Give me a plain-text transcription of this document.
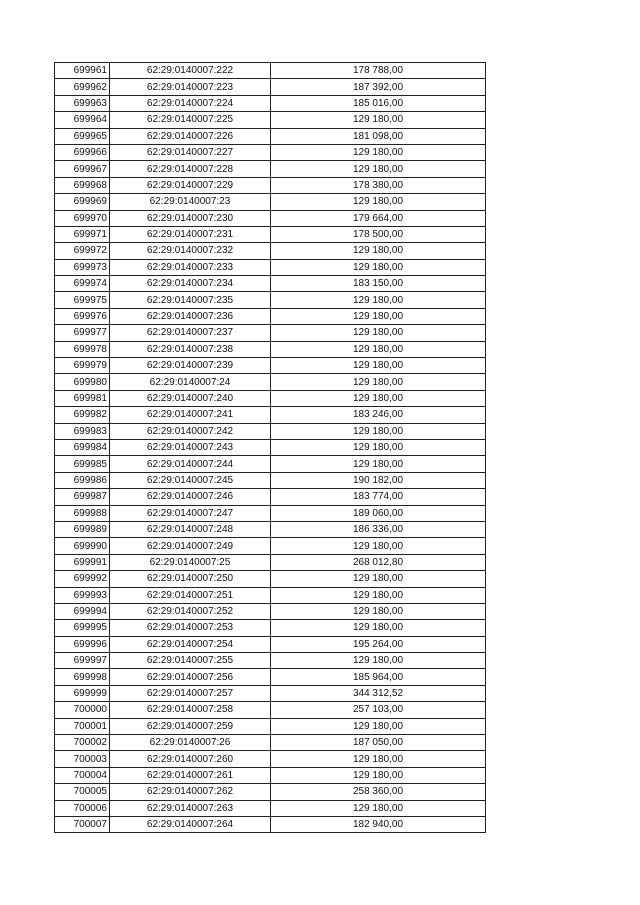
699961	62:29:0140007:222	178 788,00
699962	62:29:0140007:223	187 392,00
699963	62:29:0140007:224	185 016,00
699964	62:29:0140007:225	129 180,00
699965	62:29:0140007:226	181 098,00
699966	62:29:0140007:227	129 180,00
699967	62:29:0140007:228	129 180,00
699968	62:29:0140007:229	178 380,00
699969	62:29:0140007:23	129 180,00
699970	62:29:0140007:230	179 664,00
699971	62:29:0140007:231	178 500,00
699972	62:29:0140007:232	129 180,00
699973	62:29:0140007:233	129 180,00
699974	62:29:0140007:234	183 150,00
699975	62:29:0140007:235	129 180,00
699976	62:29:0140007:236	129 180,00
699977	62:29:0140007:237	129 180,00
699978	62:29:0140007:238	129 180,00
699979	62:29:0140007:239	129 180,00
699980	62:29:0140007:24	129 180,00
699981	62:29:0140007:240	129 180,00
699982	62:29:0140007:241	183 246,00
699983	62:29:0140007:242	129 180,00
699984	62:29:0140007:243	129 180,00
699985	62:29:0140007:244	129 180,00
699986	62:29:0140007:245	190 182,00
699987	62:29:0140007:246	183 774,00
699988	62:29:0140007:247	189 060,00
699989	62:29:0140007:248	186 336,00
699990	62:29:0140007:249	129 180,00
699991	62:29:0140007:25	268 012,80
699992	62:29:0140007:250	129 180,00
699993	62:29:0140007:251	129 180,00
699994	62:29:0140007:252	129 180,00
699995	62:29:0140007:253	129 180,00
699996	62:29:0140007:254	195 264,00
699997	62:29:0140007:255	129 180,00
699998	62:29:0140007:256	185 964,00
699999	62:29:0140007:257	344 312,52
700000	62:29:0140007:258	257 103,00
700001	62:29:0140007:259	129 180,00
700002	62:29:0140007:26	187 050,00
700003	62:29:0140007:260	129 180,00
700004	62:29:0140007:261	129 180,00
700005	62:29:0140007:262	258 360,00
700006	62:29:0140007:263	129 180,00
700007	62:29:0140007:264	182 940,00
